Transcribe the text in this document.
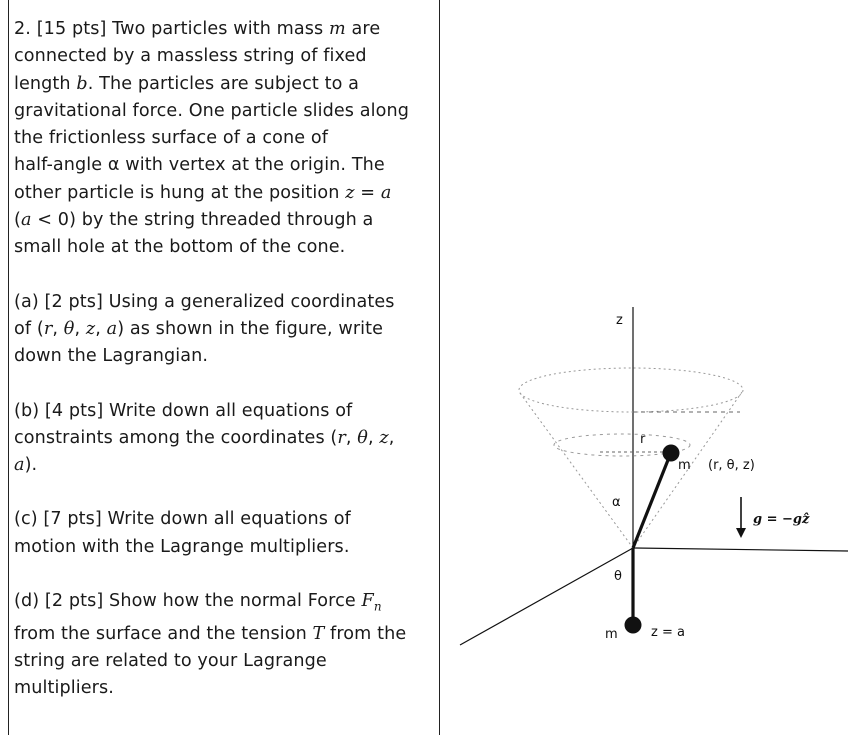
2. [15 pts] Two particles with mass m are
connected by a massless string of fixed
length b. The particles are subject to a
gravitational force. One particle slides along
the frictionless surface of a cone of
half-angle α with vertex at the origin. The
other particle is hung at the position z = a
(a < 0) by the string threaded through a
small hole at the bottom of the cone.
(a) [2 pts] Using a generalized coordinates
of (r, θ, z, a) as shown in the figure, write
down the Lagrangian.
(b) [4 pts] Write down all equations of
constraints among the coordinates (r, θ, z,
a).
(c) [7 pts] Write down all equations of
motion with the Lagrange multipliers.
(d) [2 pts] Show how the normal Force $F_n$
from the surface and the tension T from the
string are related to your Lagrange
multipliers.
z
r
α
θ
m (r, θ, z)
m	z = a
g = −gẑ
